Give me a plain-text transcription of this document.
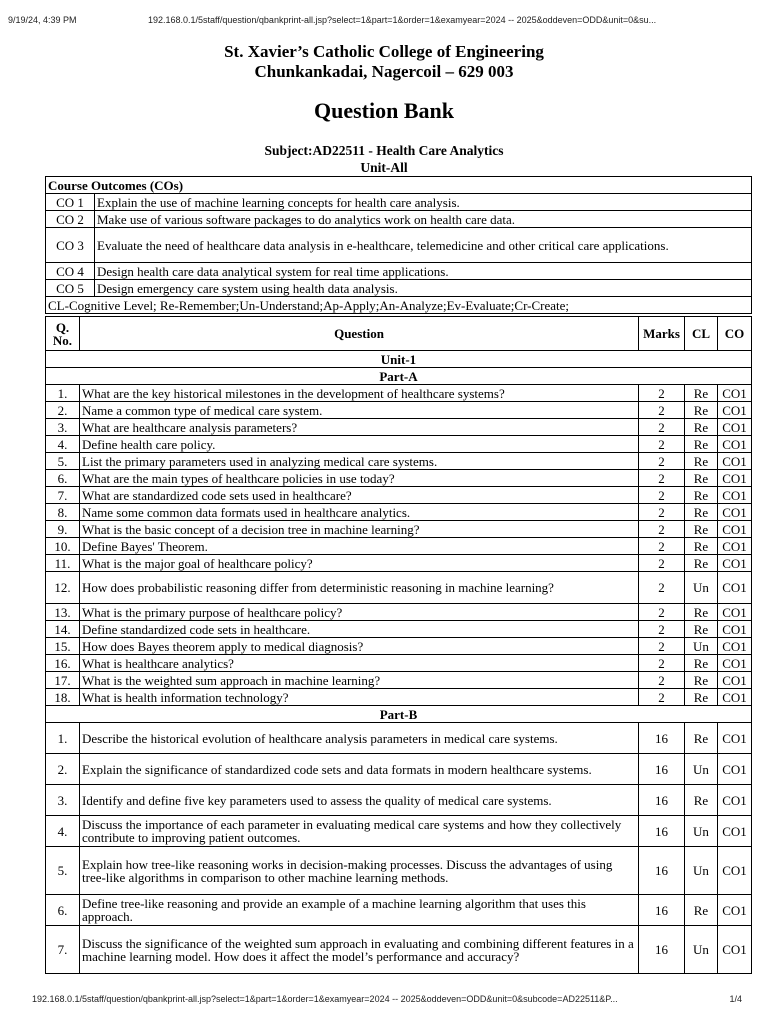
9/19/24, 4:39 PM	192.168.0.1/5staff/question/qbankprint-all.jsp?select=1&part=1&order=1&examyear=2024 -- 2025&oddeven=ODD&unit=0&su...
St. Xavier’s Catholic College of Engineering
Chunkankadai, Nagercoil – 629 003
Question Bank
Subject:AD22511 - Health Care Analytics
Unit-All
Course Outcomes (COs)	
CO 1	Explain the use of machine learning concepts for health care analysis.
CO 2	Make use of various software packages to do analytics work on health care data.
CO 3	Evaluate the need of healthcare data analysis in e-healthcare, telemedicine and other critical care applications.
CO 4	Design health care data analytical system for real time applications.
CO 5	Design emergency care system using health data analysis.
CL-Cognitive Level; Re-Remember;Un-Understand;Ap-Apply;An-Analyze;Ev-Evaluate;Cr-Create;	
Q. No.	Question	Marks	CL	CO
Unit-1				
Part-A				
1.	What are the key historical milestones in the development of healthcare systems?	2	Re	CO1
2.	Name a common type of medical care system.	2	Re	CO1
3.	What are healthcare analysis parameters?	2	Re	CO1
4.	Define health care policy.	2	Re	CO1
5.	List the primary parameters used in analyzing medical care systems.	2	Re	CO1
6.	What are the main types of healthcare policies in use today?	2	Re	CO1
7.	What are standardized code sets used in healthcare?	2	Re	CO1
8.	Name some common data formats used in healthcare analytics.	2	Re	CO1
9.	What is the basic concept of a decision tree in machine learning?	2	Re	CO1
10.	Define Bayes' Theorem.	2	Re	CO1
11.	What is the major goal of healthcare policy?	2	Re	CO1
12.	How does probabilistic reasoning differ from deterministic reasoning in machine learning?	2	Un	CO1
13.	What is the primary purpose of healthcare policy?	2	Re	CO1
14.	Define standardized code sets in healthcare.	2	Re	CO1
15.	How does Bayes theorem apply to medical diagnosis?	2	Un	CO1
16.	What is healthcare analytics?	2	Re	CO1
17.	What is the weighted sum approach in machine learning?	2	Re	CO1
18.	What is health information technology?	2	Re	CO1
Part-B				
1.	Describe the historical evolution of healthcare analysis parameters in medical care systems.	16	Re	CO1
2.	Explain the significance of standardized code sets and data formats in modern healthcare systems.	16	Un	CO1
3.	Identify and define five key parameters used to assess the quality of medical care systems.	16	Re	CO1
4.	Discuss the importance of each parameter in evaluating medical care systems and how they collectively contribute to improving patient outcomes.	16	Un	CO1
5.	Explain how tree-like reasoning works in decision-making processes. Discuss the advantages of using tree-like algorithms in comparison to other machine learning methods.	16	Un	CO1
6.	Define tree-like reasoning and provide an example of a machine learning algorithm that uses this approach.	16	Re	CO1
7.	Discuss the significance of the weighted sum approach in evaluating and combining different features in a machine learning model. How does it affect the model’s performance and accuracy?	16	Un	CO1
192.168.0.1/5staff/question/qbankprint-all.jsp?select=1&part=1&order=1&examyear=2024 -- 2025&oddeven=ODD&unit=0&subcode=AD22511&P...	1/4
